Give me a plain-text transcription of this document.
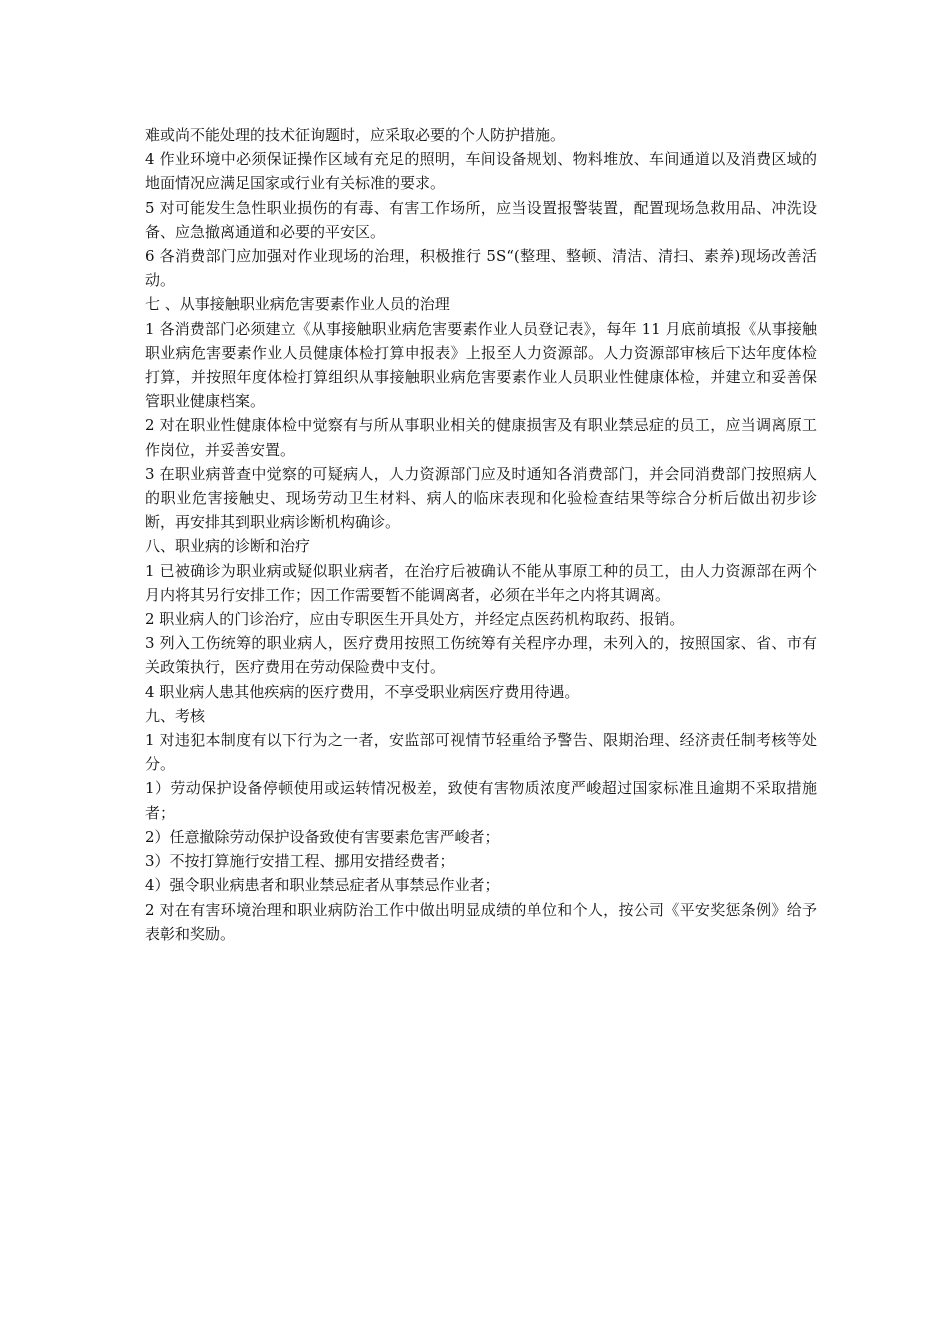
难或尚不能处理的技术征询题时，应采取必要的个人防护措施。

4 作业环境中必须保证操作区域有充足的照明，车间设备规划、物料堆放、车间通道以及消费区域的地面情况应满足国家或行业有关标准的要求。

5 对可能发生急性职业损伤的有毒、有害工作场所，应当设置报警装置，配置现场急救用品、冲洗设备、应急撤离通道和必要的平安区。

6 各消费部门应加强对作业现场的治理，积极推行 5S“(整理、整顿、清洁、清扫、素养)现场改善活动。

七 、从事接触职业病危害要素作业人员的治理

1 各消费部门必须建立《从事接触职业病危害要素作业人员登记表》，每年 11 月底前填报《从事接触职业病危害要素作业人员健康体检打算申报表》上报至人力资源部。人力资源部审核后下达年度体检打算，并按照年度体检打算组织从事接触职业病危害要素作业人员职业性健康体检，并建立和妥善保管职业健康档案。

2 对在职业性健康体检中觉察有与所从事职业相关的健康损害及有职业禁忌症的员工，应当调离原工作岗位，并妥善安置。

3 在职业病普查中觉察的可疑病人，人力资源部门应及时通知各消费部门，并会同消费部门按照病人的职业危害接触史、现场劳动卫生材料、病人的临床表现和化验检查结果等综合分析后做出初步诊断，再安排其到职业病诊断机构确诊。

八、职业病的诊断和治疗

1 已被确诊为职业病或疑似职业病者，在治疗后被确认不能从事原工种的员工，由人力资源部在两个月内将其另行安排工作；因工作需要暂不能调离者，必须在半年之内将其调离。

2 职业病人的门诊治疗，应由专职医生开具处方，并经定点医药机构取药、报销。

3 列入工伤统筹的职业病人，医疗费用按照工伤统筹有关程序办理，未列入的，按照国家、省、市有关政策执行，医疗费用在劳动保险费中支付。

4 职业病人患其他疾病的医疗费用，不享受职业病医疗费用待遇。

九、考核

1 对违犯本制度有以下行为之一者，安监部可视情节轻重给予警告、限期治理、经济责任制考核等处分。

1）劳动保护设备停顿使用或运转情况极差，致使有害物质浓度严峻超过国家标准且逾期不采取措施者；

2）任意撤除劳动保护设备致使有害要素危害严峻者；

3）不按打算施行安措工程、挪用安措经费者；

4）强令职业病患者和职业禁忌症者从事禁忌作业者；

2 对在有害环境治理和职业病防治工作中做出明显成绩的单位和个人，按公司《平安奖惩条例》给予表彰和奖励。
